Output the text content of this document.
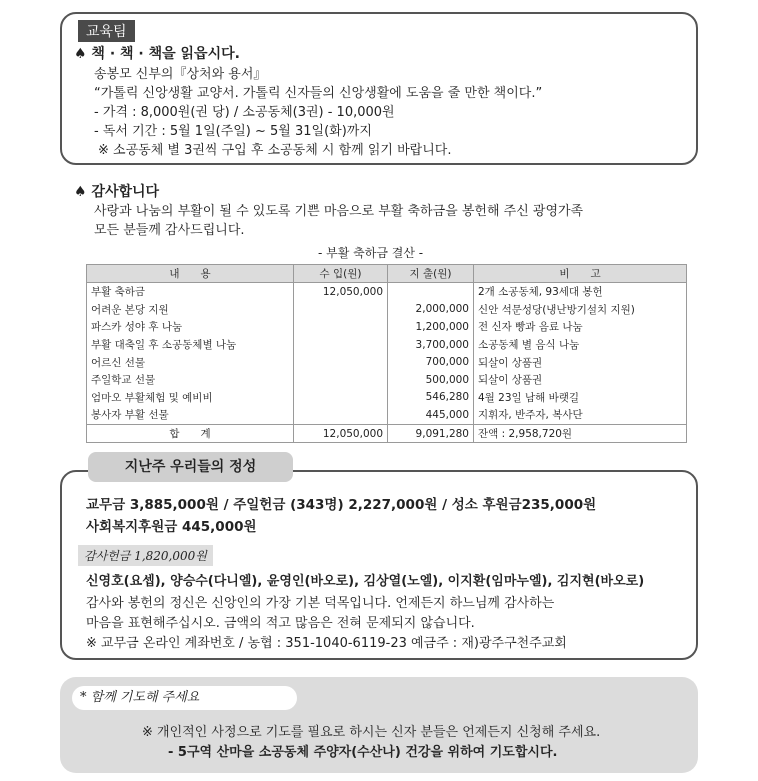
교육팀
♠ 책 · 책 · 책을 읽읍시다.
송봉모 신부의『상처와 용서』
“가톨릭 신앙생활 교양서. 가톨릭 신자들의 신앙생활에 도움을 줄 만한 책이다.”
- 가격 : 8,000원(권 당) / 소공동체(3권) - 10,000원
- 독서 기간 : 5월 1일(주일) ~ 5월 31일(화)까지
※ 소공동체 별 3권씩 구입 후 소공동체 시 함께 읽기 바랍니다.
♠ 감사합니다
사랑과 나눔의 부활이 될 수 있도록 기쁜 마음으로 부활 축하금을 봉헌해 주신 광영가족
모든 분들께 감사드립니다.
- 부활 축하금 결산 -
내　　용	수 입(원)	지 출(원)	비　　고
부활 축하금	12,050,000		2개 소공동체, 93세대 봉헌
어려운 본당 지원		2,000,000	신안 석문성당(냉난방기설치 지원)
파스카 성야 후 나눔		1,200,000	전 신자 빵과 음료 나눔
부활 대축일 후 소공동체별 나눔		3,700,000	소공동체 별 음식 나눔
어르신 선물		700,000	되살이 상품권
주일학교 선물		500,000	되살이 상품권
엄마오 부활체험 및 예비비		546,280	4월 23일 남해 바랫길
봉사자 부활 선물		445,000	지휘자, 반주자, 복사단
합　　계	12,050,000	9,091,280	잔액 : 2,958,720원
지난주 우리들의 정성
교무금 3,885,000원 / 주일헌금 (343명) 2,227,000원 / 성소 후원금235,000원
사회복지후원금 445,000원
감사헌금 1,820,000원
신영호(요셉), 양승수(다니엘), 윤영인(바오로), 김상열(노엘), 이지환(임마누엘), 김지현(바오로)
감사와 봉헌의 정신은 신앙인의 가장 기본 덕목입니다. 언제든지 하느님께 감사하는
마음을 표현해주십시오. 금액의 적고 많음은 전혀 문제되지 않습니다.
※ 교무금 온라인 계좌번호 / 농협 : 351-1040-6119-23 예금주 : 재)광주구천주교회
* 함께 기도해 주세요
※ 개인적인 사정으로 기도를 필요로 하시는 신자 분들은 언제든지 신청해 주세요.
- 5구역 산마을 소공동체 주양자(수산나) 건강을 위하여 기도합시다.
